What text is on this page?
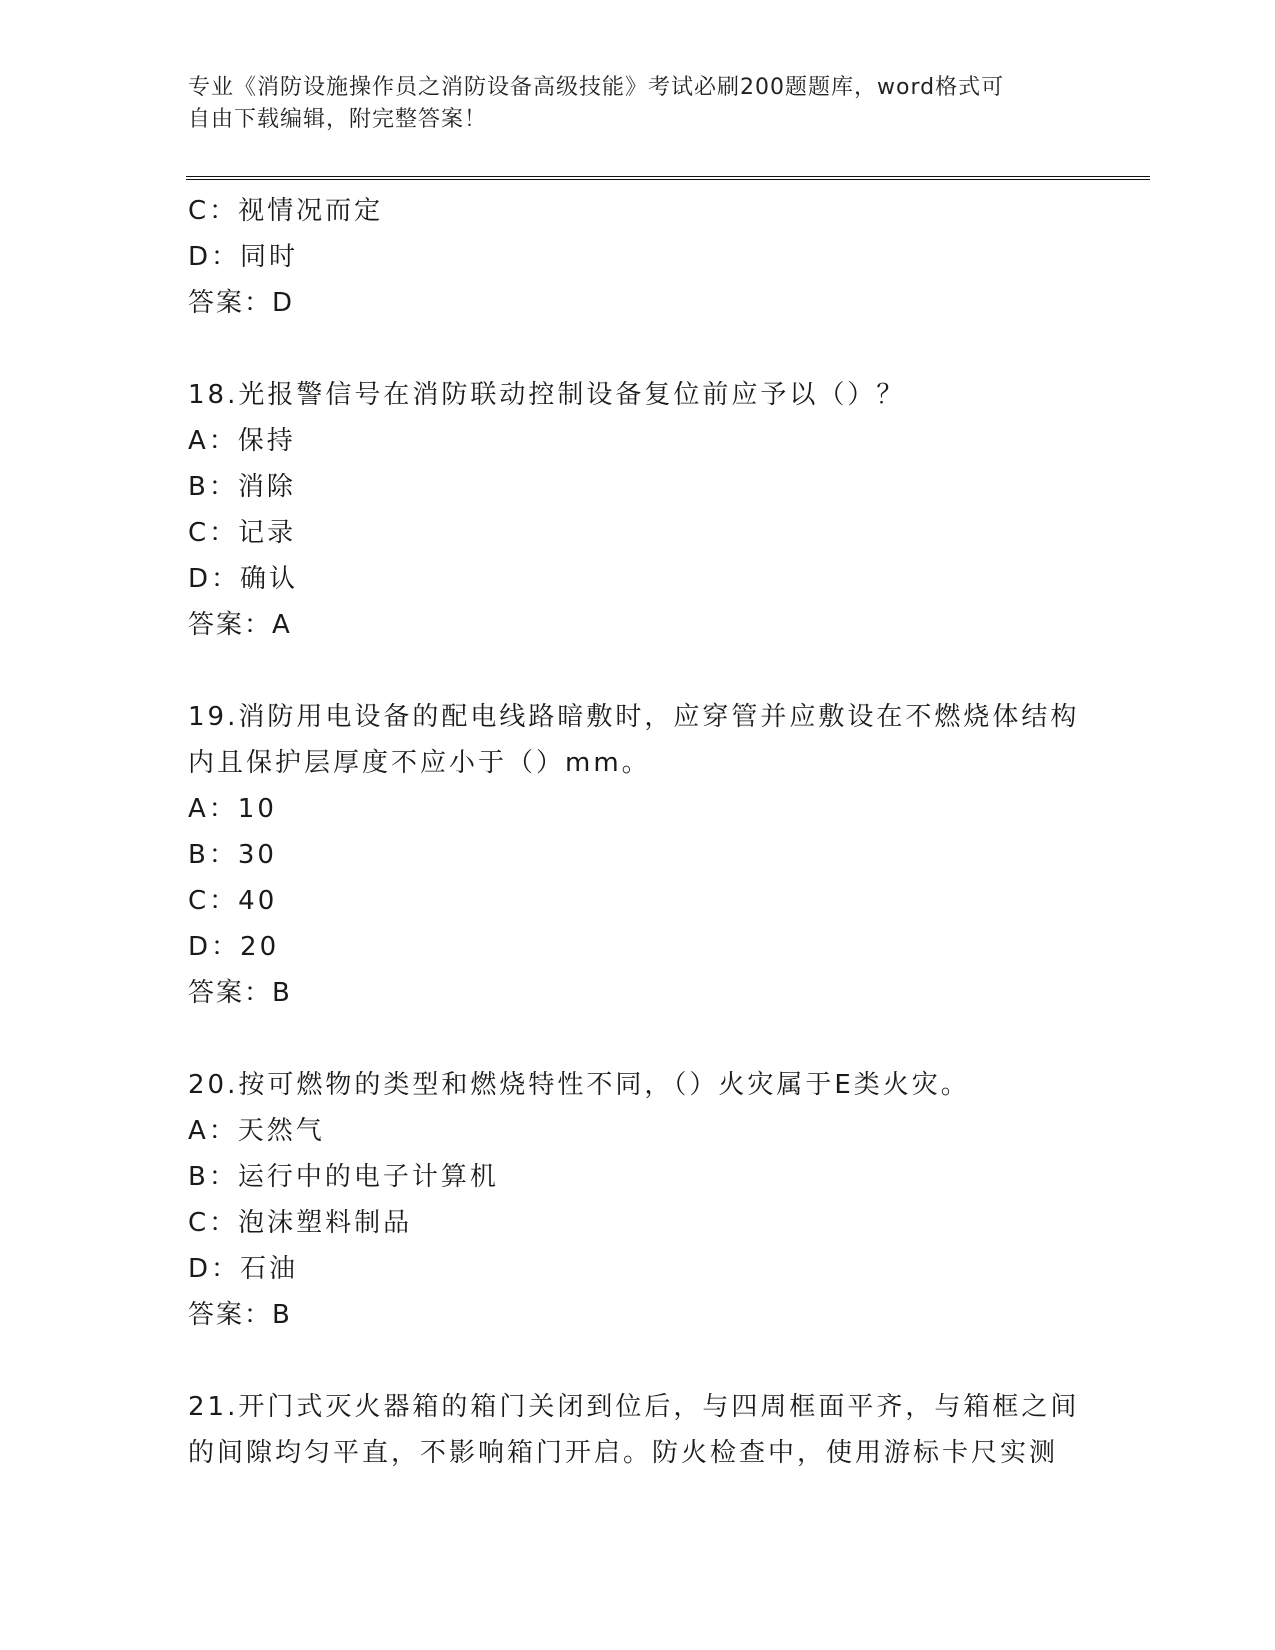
专业《消防设施操作员之消防设备高级技能》考试必刷200题题库，word格式可
自由下载编辑，附完整答案！
C：视情况而定
D：同时
答案：D
18.光报警信号在消防联动控制设备复位前应予以（）？
A：保持
B：消除
C：记录
D：确认
答案：A
19.消防用电设备的配电线路暗敷时，应穿管并应敷设在不燃烧体结构
内且保护层厚度不应小于（）mm。
A：10
B：30
C：40
D：20
答案：B
20.按可燃物的类型和燃烧特性不同，（）火灾属于E类火灾。
A：天然气
B：运行中的电子计算机
C：泡沫塑料制品
D：石油
答案：B
21.开门式灭火器箱的箱门关闭到位后，与四周框面平齐，与箱框之间
的间隙均匀平直，不影响箱门开启。防火检查中，使用游标卡尺实测
